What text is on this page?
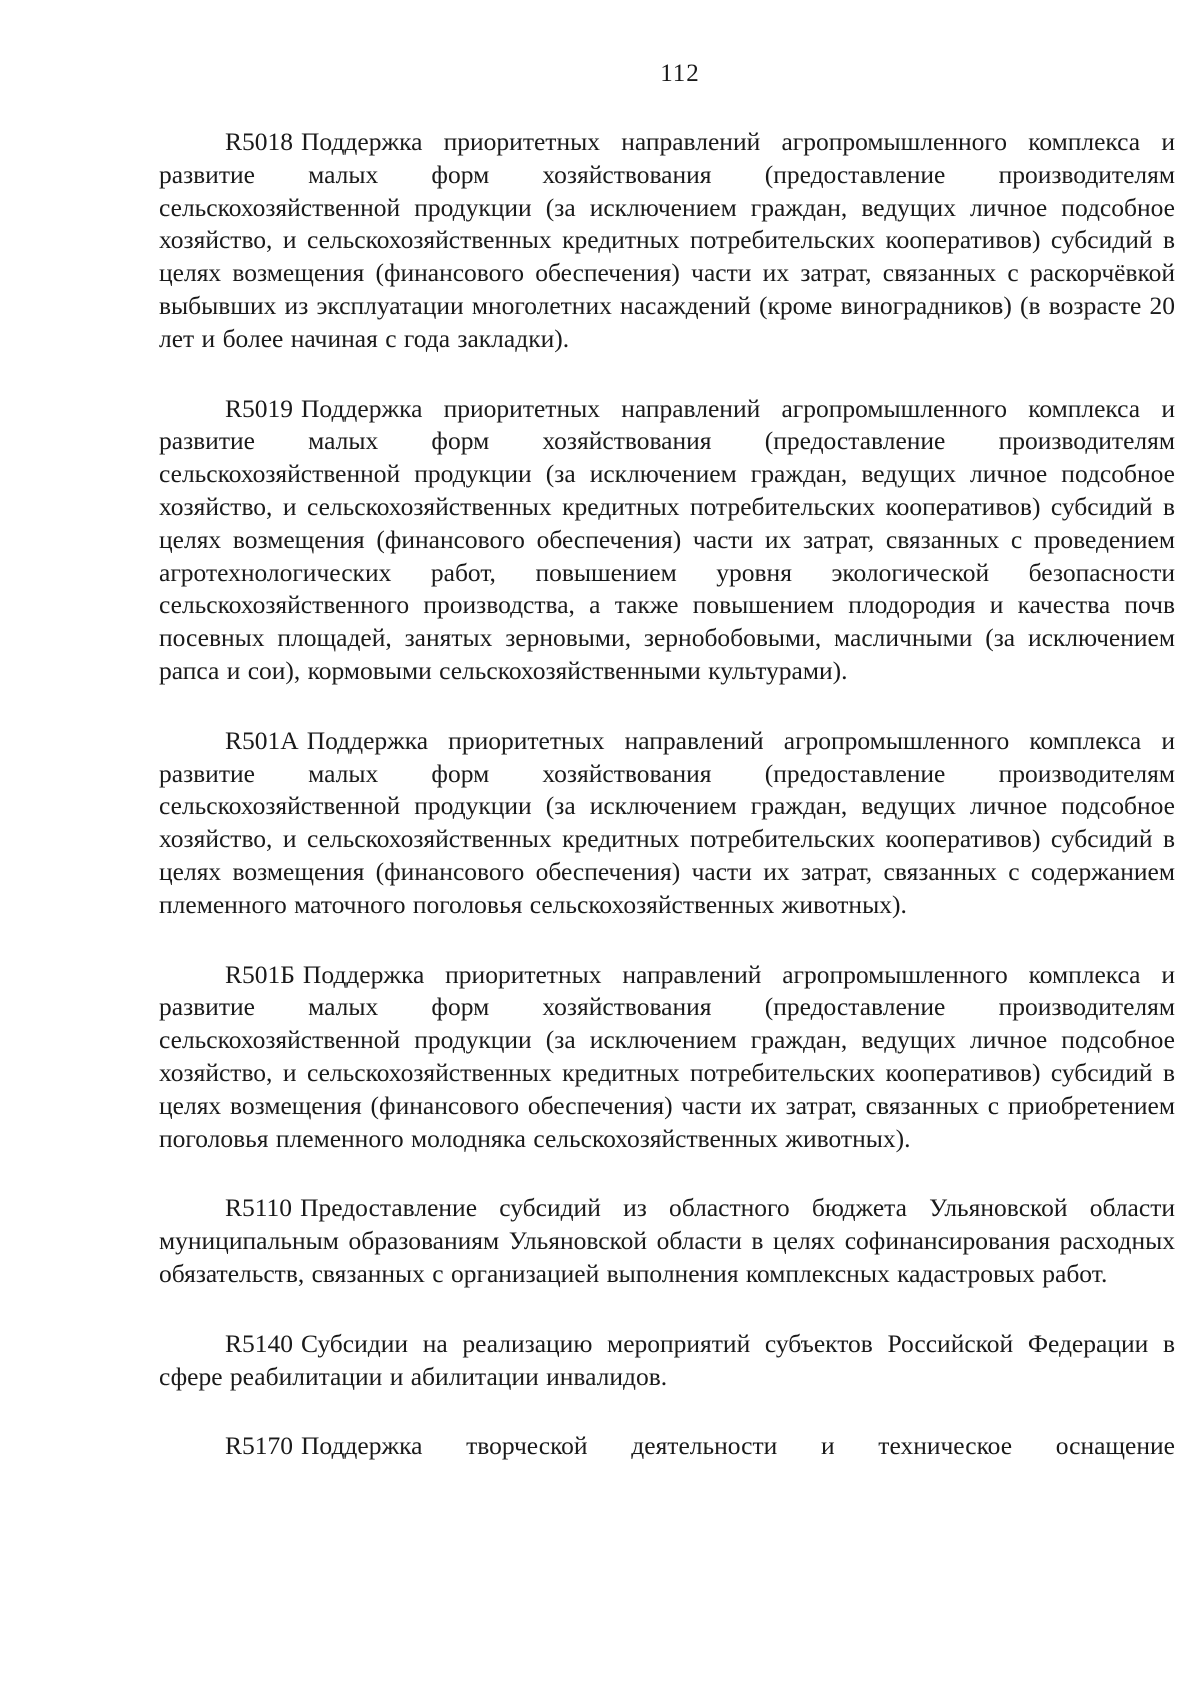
112

R5018 Поддержка приоритетных направлений агропромышленного комплекса и развитие малых форм хозяйствования (предоставление производителям сельскохозяйственной продукции (за исключением граждан, ведущих личное подсобное хозяйство, и сельскохозяйственных кредитных потребительских кооперативов) субсидий в целях возмещения (финансового обеспечения) части их затрат, связанных с раскорчёвкой выбывших из эксплуатации многолетних насаждений (кроме виноградников) (в возрасте 20 лет и более начиная с года закладки).

R5019 Поддержка приоритетных направлений агропромышленного комплекса и развитие малых форм хозяйствования (предоставление производителям сельскохозяйственной продукции (за исключением граждан, ведущих личное подсобное хозяйство, и сельскохозяйственных кредитных потребительских кооперативов) субсидий в целях возмещения (финансового обеспечения) части их затрат, связанных с проведением агротехнологических работ, повышением уровня экологической безопасности сельскохозяйственного производства, а также повышением плодородия и качества почв посевных площадей, занятых зерновыми, зернобобовыми, масличными (за исключением рапса и сои), кормовыми сельскохозяйственными культурами).

R501А Поддержка приоритетных направлений агропромышленного комплекса и развитие малых форм хозяйствования (предоставление производителям сельскохозяйственной продукции (за исключением граждан, ведущих личное подсобное хозяйство, и сельскохозяйственных кредитных потребительских кооперативов) субсидий в целях возмещения (финансового обеспечения) части их затрат, связанных с содержанием племенного маточного поголовья сельскохозяйственных животных).

R501Б Поддержка приоритетных направлений агропромышленного комплекса и развитие малых форм хозяйствования (предоставление производителям сельскохозяйственной продукции (за исключением граждан, ведущих личное подсобное хозяйство, и сельскохозяйственных кредитных потребительских кооперативов) субсидий в целях возмещения (финансового обеспечения) части их затрат, связанных с приобретением поголовья племенного молодняка сельскохозяйственных животных).

R5110 Предоставление субсидий из областного бюджета Ульяновской области муниципальным образованиям Ульяновской области в целях софинансирования расходных обязательств, связанных с организацией выполнения комплексных кадастровых работ.

R5140 Субсидии на реализацию мероприятий субъектов Российской Федерации в сфере реабилитации и абилитации инвалидов.

R5170 Поддержка творческой деятельности и техническое оснащение
